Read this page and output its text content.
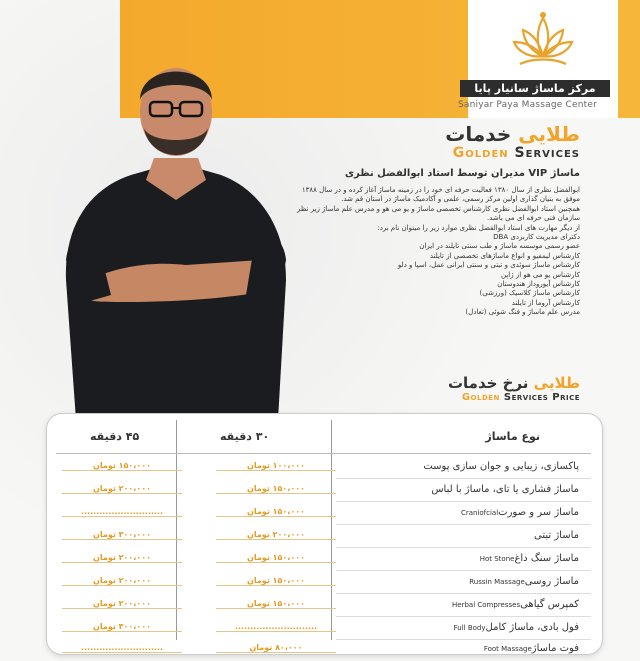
مرکز ماساژ سانیار پایا
Saniyar Paya Massage Center
طلایی خدمات
Golden Services
ماساژ VIP مدیران توسط استاد ابوالفضل نظری

ابوالفضل نظری از سال ۱۳۸۰ فعالیت حرفه ای خود را در زمینه ماساژ آغاز کرده و در سال ۱۳۸۸

موفق به بنیان گذاری اولین مرکز رسمی، علمی و آکادمیک ماساژ در استان قم شد.

همچنین استاد ابوالفضل نظری کارشناس تخصصی ماساژ و یو می هو و مدرس علم ماساژ زیر نظر

سازمان فنی حرفه ای می باشد.

از دیگر مهارت های استاد ابوالفضل نظری موارد زیر را میتوان نام برد:

دکترای مدیریت کاربردی DBA

عضو رسمی موسسه ماساژ و طب سنتی تایلند در ایران

کارشناس لیمفیو و انواع ماساژهای تخصصی از تایلند

کارشناس ماساژ سوئدی و تبتی و سنتی ایرانی عمل، اسپا و دلو

کارشناس یو می هو از ژاپن

کارشناس آیوروداز هندوستان

کارشناس ماساژ کلاسیک (ورزشی)

کارشناس آروما از تایلند

مدرس علم ماساژ و فنگ شوئی (تعادل)

طلایی نرخ خدمات
Golden Services Price
نوع ماساژ
۳۰ دقیقه
۴۵ دقیقه
پاکسازی، زیبایی و جوان سازی پوست
۱۰۰،۰۰۰ تومان
۱۵۰،۰۰۰ تومان
ماساژ فشاری یا تای، ماساژ با لباس
۱۵۰،۰۰۰ تومان
۲۰۰،۰۰۰ تومان
ماساژ سر و صورتCraniofcial
۱۵۰،۰۰۰ تومان
...........................
ماساژ تبتی
۲۰۰،۰۰۰ تومان
۳۰۰،۰۰۰ تومان
ماساژ سنگ داغHot Stone
۱۵۰،۰۰۰ تومان
۲۰۰،۰۰۰ تومان
ماساژ روسیRussin Massage
۱۵۰،۰۰۰ تومان
۲۰۰،۰۰۰ تومان
کمپرس گیاهیHerbal Compresses
۱۵۰،۰۰۰ تومان
۲۰۰،۰۰۰ تومان
فول بادی، ماساژ کاملFull Body
...........................
۳۰۰،۰۰۰ تومان
فوت ماساژFoot Massage
۸۰،۰۰۰ تومان
...........................
